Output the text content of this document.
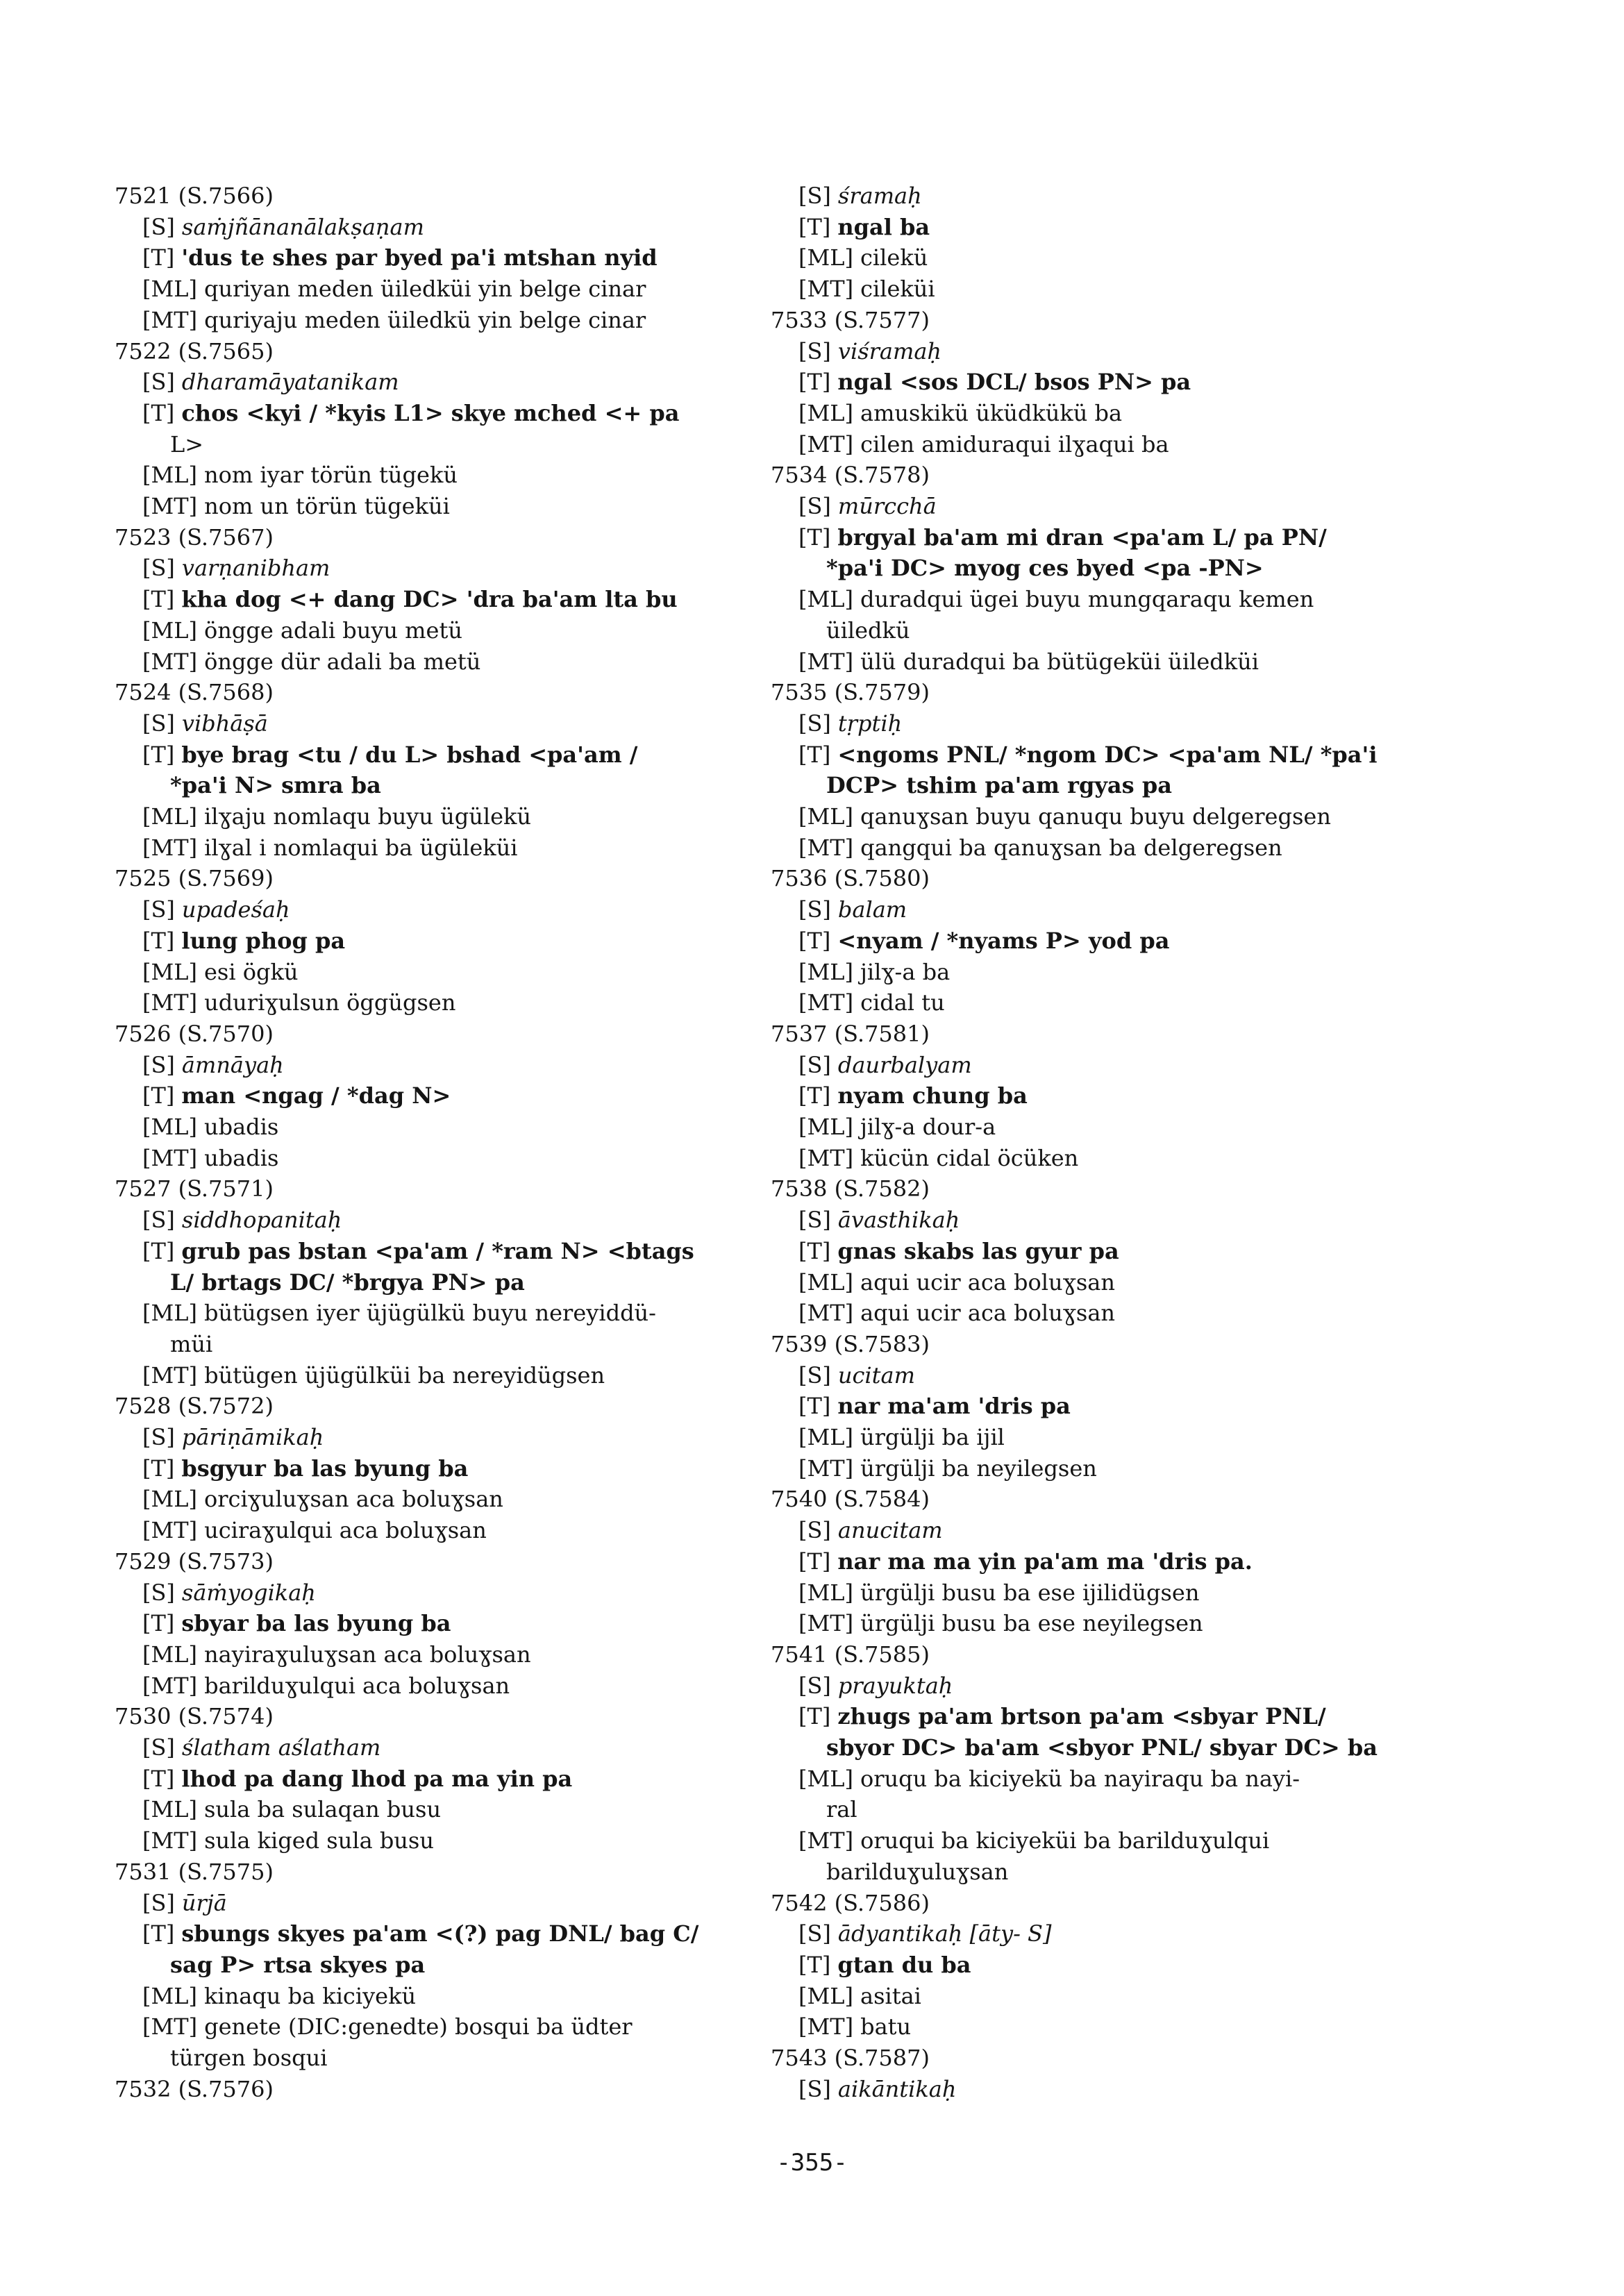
7521 (S.7566)
[S] saṁjñānanālakṣaṇam
[T] 'dus te shes par byed pa'i mtshan nyid
[ML] quriyan meden üiledküi yin belge cinar
[MT] quriyaju meden üiledkü yin belge cinar
7522 (S.7565)
[S] dharamāyatanikam
[T] chos <kyi / *kyis L1> skye mched <+ pa
L>
[ML] nom iyar törün tügekü
[MT] nom un törün tügeküi
7523 (S.7567)
[S] varṇanibham
[T] kha dog <+ dang DC> 'dra ba'am lta bu
[ML] öngge adali buyu metü
[MT] öngge dür adali ba metü
7524 (S.7568)
[S] vibhāṣā
[T] bye brag <tu / du L> bshad <pa'am /
*pa'i N> smra ba
[ML] ilɣaju nomlaqu buyu ügülekü
[MT] ilɣal i nomlaqui ba ügüleküi
7525 (S.7569)
[S] upadeśaḥ
[T] lung phog pa
[ML] esi ögkü
[MT] uduriɣulsun öggügsen
7526 (S.7570)
[S] āmnāyaḥ
[T] man <ngag / *dag N>
[ML] ubadis
[MT] ubadis
7527 (S.7571)
[S] siddhopanitaḥ
[T] grub pas bstan <pa'am / *ram N> <btags
L/ brtags DC/ *brgya PN> pa
[ML] bütügsen iyer üjügülkü buyu nereyiddü-
müi
[MT] bütügen üjügülküi ba nereyidügsen
7528 (S.7572)
[S] pāriṇāmikaḥ
[T] bsgyur ba las byung ba
[ML] orciɣuluɣsan aca boluɣsan
[MT] uciraɣulqui aca boluɣsan
7529 (S.7573)
[S] sāṁyogikaḥ
[T] sbyar ba las byung ba
[ML] nayiraɣuluɣsan aca boluɣsan
[MT] barilduɣulqui aca boluɣsan
7530 (S.7574)
[S] ślatham aślatham
[T] lhod pa dang lhod pa ma yin pa
[ML] sula ba sulaqan busu
[MT] sula kiged sula busu
7531 (S.7575)
[S] ūrjā
[T] sbungs skyes pa'am <(?) pag DNL/ bag C/
sag P> rtsa skyes pa
[ML] kinaqu ba kiciyekü
[MT] genete (DIC:genedte) bosqui ba üdter
türgen bosqui
7532 (S.7576)
[S] śramaḥ
[T] ngal ba
[ML] cilekü
[MT] cileküi
7533 (S.7577)
[S] viśramaḥ
[T] ngal <sos DCL/ bsos PN> pa
[ML] amuskikü üküdkükü ba
[MT] cilen amiduraqui ilɣaqui ba
7534 (S.7578)
[S] mūrcchā
[T] brgyal ba'am mi dran <pa'am L/ pa PN/
*pa'i DC> myog ces byed <pa -PN>
[ML] duradqui ügei buyu mungqaraqu kemen
üiledkü
[MT] ülü duradqui ba bütügeküi üiledküi
7535 (S.7579)
[S] tṛptiḥ
[T] <ngoms PNL/ *ngom DC> <pa'am NL/ *pa'i
DCP> tshim pa'am rgyas pa
[ML] qanuɣsan buyu qanuqu buyu delgeregsen
[MT] qangqui ba qanuɣsan ba delgeregsen
7536 (S.7580)
[S] balam
[T] <nyam / *nyams P> yod pa
[ML] jilɣ-a ba
[MT] cidal tu
7537 (S.7581)
[S] daurbalyam
[T] nyam chung ba
[ML] jilɣ-a dour-a
[MT] kücün cidal öcüken
7538 (S.7582)
[S] āvasthikaḥ
[T] gnas skabs las gyur pa
[ML] aqui ucir aca boluɣsan
[MT] aqui ucir aca boluɣsan
7539 (S.7583)
[S] ucitam
[T] nar ma'am 'dris pa
[ML] ürgülji ba ijil
[MT] ürgülji ba neyilegsen
7540 (S.7584)
[S] anucitam
[T] nar ma ma yin pa'am ma 'dris pa.
[ML] ürgülji busu ba ese ijilidügsen
[MT] ürgülji busu ba ese neyilegsen
7541 (S.7585)
[S] prayuktaḥ
[T] zhugs pa'am brtson pa'am <sbyar PNL/
sbyor DC> ba'am <sbyor PNL/ sbyar DC> ba
[ML] oruqu ba kiciyekü ba nayiraqu ba nayi-
ral
[MT] oruqui ba kiciyeküi ba barilduɣulqui
barilduɣuluɣsan
7542 (S.7586)
[S] ādyantikaḥ [āty- S]
[T] gtan du ba
[ML] asitai
[MT] batu
7543 (S.7587)
[S] aikāntikaḥ
-355-
